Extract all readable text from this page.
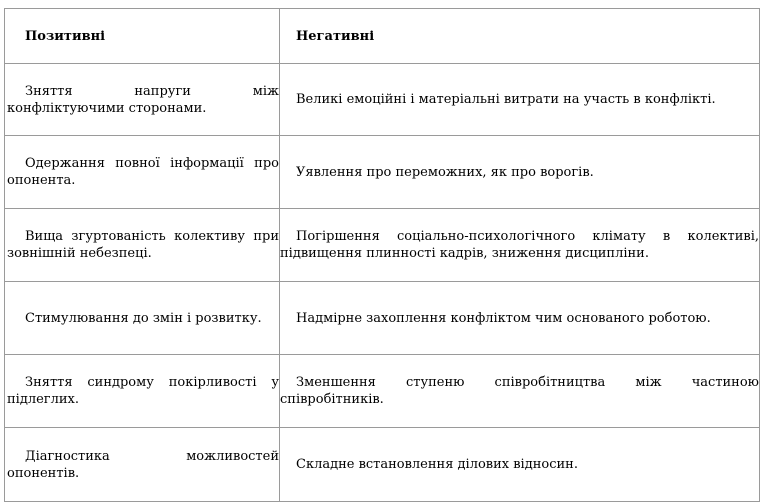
Позитивні	Негативні

Зняття напруги між конфліктуючими сторонами.	Великі емоційні і матеріальні витрати на участь в конфлікті.

Одержання повної інформації про опонента.	Уявлення про переможних, як про ворогів.

Вища згуртованість колективу при зовнішній небезпеці.	Погіршення соціально-психологічного клімату в колективі, підвищення плинності кадрів, зниження дисципліни.

Стимулювання до змін і розвитку.	Надмірне захоплення конфліктом чим основаного роботою.

Зняття синдрому покірливості у підлеглих.	Зменшення ступеню співробітництва між частиною співробітників.

Діагностика можливостей опонентів.	Складне встановлення ділових відносин.
